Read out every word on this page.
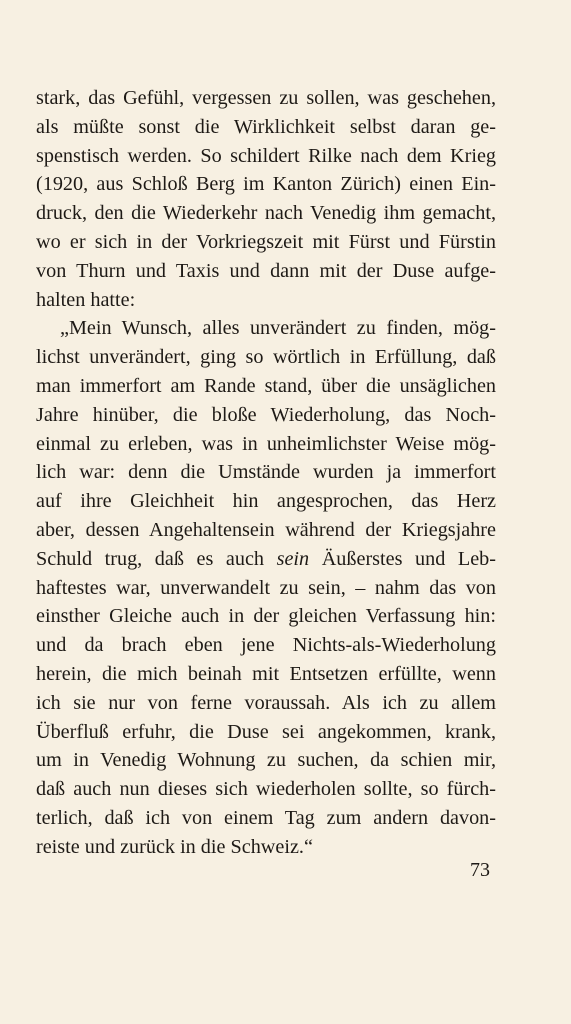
stark, das Gefühl, vergessen zu sollen, was geschehen,
als müßte sonst die Wirklichkeit selbst daran ge-
spenstisch werden. So schildert Rilke nach dem Krieg
(1920, aus Schloß Berg im Kanton Zürich) einen Ein-
druck, den die Wiederkehr nach Venedig ihm gemacht,
wo er sich in der Vorkriegszeit mit Fürst und Fürstin
von Thurn und Taxis und dann mit der Duse aufge-
halten hatte:
„Mein Wunsch, alles unverändert zu finden, mög-
lichst unverändert, ging so wörtlich in Erfüllung, daß
man immerfort am Rande stand, über die unsäglichen
Jahre hinüber, die bloße Wiederholung, das Noch-
einmal zu erleben, was in unheimlichster Weise mög-
lich war: denn die Umstände wurden ja immerfort
auf ihre Gleichheit hin angesprochen, das Herz
aber, dessen Angehaltensein während der Kriegsjahre
Schuld trug, daß es auch sein Äußerstes und Leb-
haftestes war, unverwandelt zu sein, – nahm das von
einsther Gleiche auch in der gleichen Verfassung hin:
und da brach eben jene Nichts-als-Wiederholung
herein, die mich beinah mit Entsetzen erfüllte, wenn
ich sie nur von ferne voraussah. Als ich zu allem
Überfluß erfuhr, die Duse sei angekommen, krank,
um in Venedig Wohnung zu suchen, da schien mir,
daß auch nun dieses sich wiederholen sollte, so fürch-
terlich, daß ich von einem Tag zum andern davon-
reiste und zurück in die Schweiz.“
73
